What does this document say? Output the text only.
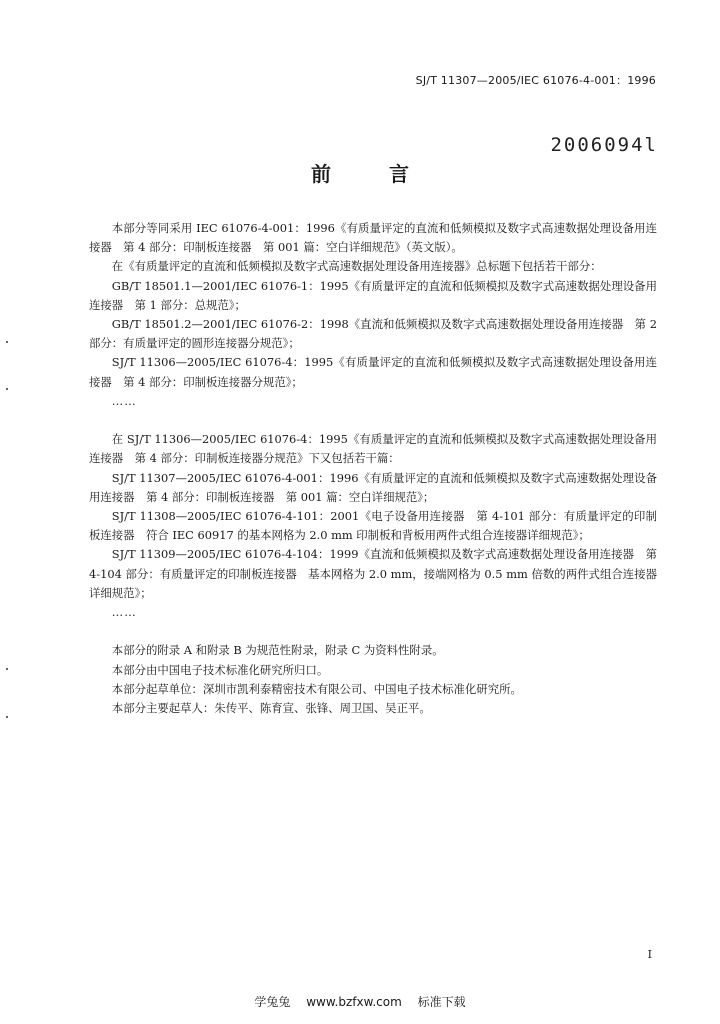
SJ/T 11307—2005/IEC 61076-4-001：1996
2006094l
前言

本部分等同采用 IEC 61076-4-001：1996《有质量评定的直流和低频模拟及数字式高速数据处理设备用连接器　第 4 部分：印制板连接器　第 001 篇：空白详细规范》（英文版）。

在《有质量评定的直流和低频模拟及数字式高速数据处理设备用连接器》总标题下包括若干部分：

GB/T 18501.1—2001/IEC 61076-1：1995《有质量评定的直流和低频模拟及数字式高速数据处理设备用连接器　第 1 部分：总规范》；

GB/T 18501.2—2001/IEC 61076-2：1998《直流和低频模拟及数字式高速数据处理设备用连接器　第 2 部分：有质量评定的圆形连接器分规范》；

SJ/T 11306—2005/IEC 61076-4：1995《有质量评定的直流和低频模拟及数字式高速数据处理设备用连接器　第 4 部分：印制板连接器分规范》；

……

在 SJ/T 11306—2005/IEC 61076-4：1995《有质量评定的直流和低频模拟及数字式高速数据处理设备用连接器　第 4 部分：印制板连接器分规范》下又包括若干篇：

SJ/T 11307—2005/IEC 61076-4-001：1996《有质量评定的直流和低频模拟及数字式高速数据处理设备用连接器　第 4 部分：印制板连接器　第 001 篇：空白详细规范》；

SJ/T 11308—2005/IEC 61076-4-101：2001《电子设备用连接器　第 4-101 部分：有质量评定的印制板连接器　符合 IEC 60917 的基本网格为 2.0 mm 印制板和背板用两件式组合连接器详细规范》；

SJ/T 11309—2005/IEC 61076-4-104：1999《直流和低频模拟及数字式高速数据处理设备用连接器　第 4-104 部分：有质量评定的印制板连接器　基本网格为 2.0 mm，接端网格为 0.5 mm 倍数的两件式组合连接器详细规范》；

……

本部分的附录 A 和附录 B 为规范性附录，附录 C 为资料性附录。

本部分由中国电子技术标准化研究所归口。

本部分起草单位：深圳市凯利泰精密技术有限公司、中国电子技术标准化研究所。

本部分主要起草人：朱传平、陈育宣、张锋、周卫国、吴正平。

I
学兔兔 www.bzfxw.com 标准下载
